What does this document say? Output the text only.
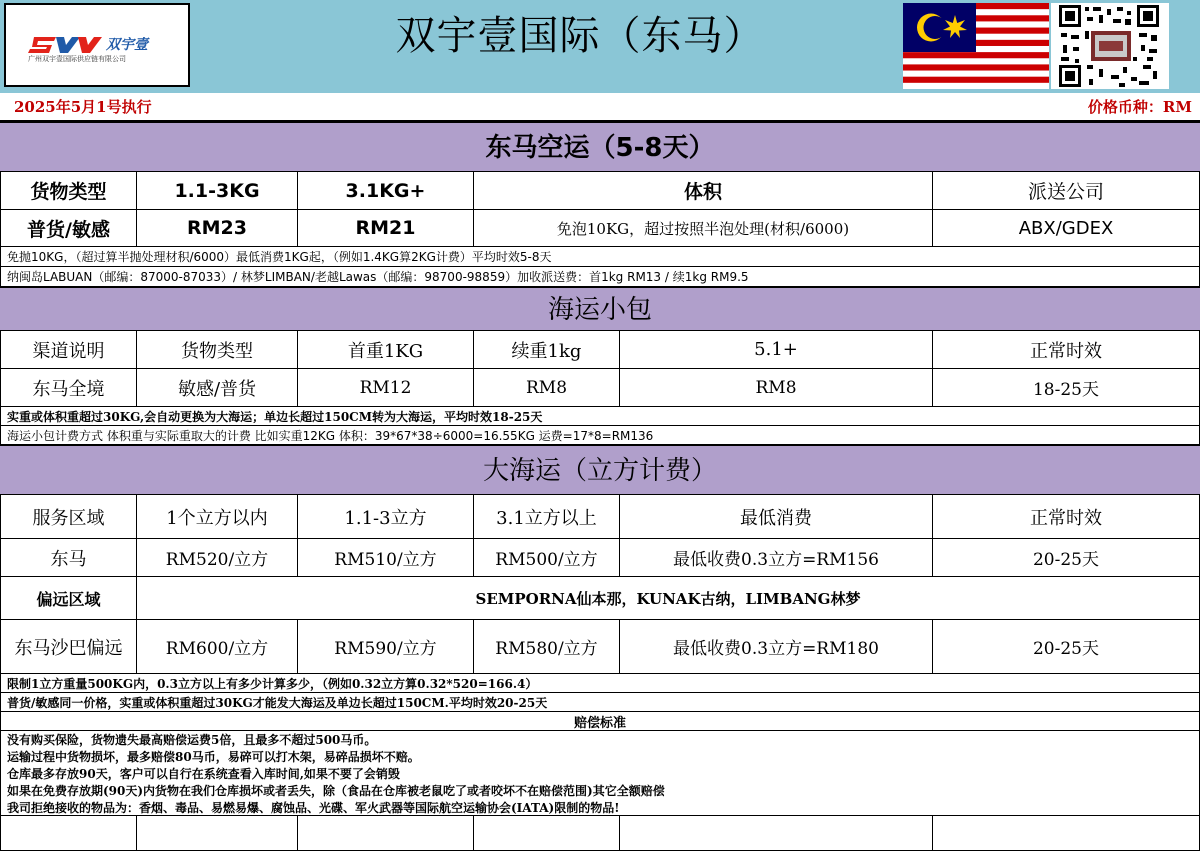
双宇壹
广州双宇壹国际供应链有限公司	双宇壹国际（东马）
2025年5月1号执行	价格币种：RM
东马空运（5-8天）
货物类型	1.1-3KG	3.1KG+	体积	派送公司
普货/敏感	RM23	RM21	免泡10KG，超过按照半泡处理(材积/6000)	ABX/GDEX
免抛10KG，（超过算半抛处理材积/6000）最低消费1KG起，（例如1.4KG算2KG计费）平均时效5-8天
纳闽岛LABUAN（邮编：87000-87033）/ 林梦LIMBAN/老越Lawas（邮编：98700-98859）加收派送费：首1kg RM13 / 续1kg RM9.5
海运小包
渠道说明	货物类型	首重1KG	续重1kg	5.1+	正常时效
东马全境	敏感/普货	RM12	RM8	RM8	18-25天
实重或体积重超过30KG,会自动更换为大海运；单边长超过150CM转为大海运，平均时效18-25天
海运小包计费方式 体积重与实际重取大的计费 比如实重12KG 体积：39*67*38÷6000=16.55KG 运费=17*8=RM136
大海运（立方计费）
服务区域	1个立方以内	1.1-3立方	3.1立方以上	最低消费	正常时效
东马	RM520/立方	RM510/立方	RM500/立方	最低收费0.3立方=RM156	20-25天
偏远区域	SEMPORNA仙本那，KUNAK古纳，LIMBANG林梦
东马沙巴偏远	RM600/立方	RM590/立方	RM580/立方	最低收费0.3立方=RM180	20-25天
限制1立方重量500KG内，0.3立方以上有多少计算多少，（例如0.32立方算0.32*520=166.4）
普货/敏感同一价格，实重或体积重超过30KG才能发大海运及单边长超过150CM.平均时效20-25天
赔偿标准
没有购买保险，货物遗失最高赔偿运费5倍，且最多不超过500马币。
运输过程中货物损坏，最多赔偿80马币，易碎可以打木架，易碎品损坏不赔。
仓库最多存放90天，客户可以自行在系统查看入库时间,如果不要了会销毁
如果在免费存放期(90天)内货物在我们仓库损坏或者丢失，除（食品在仓库被老鼠吃了或者咬坏不在赔偿范围)其它全额赔偿
我司拒绝接收的物品为：香烟、毒品、易燃易爆、腐蚀品、光碟、军火武器等国际航空运输协会(IATA)限制的物品!
